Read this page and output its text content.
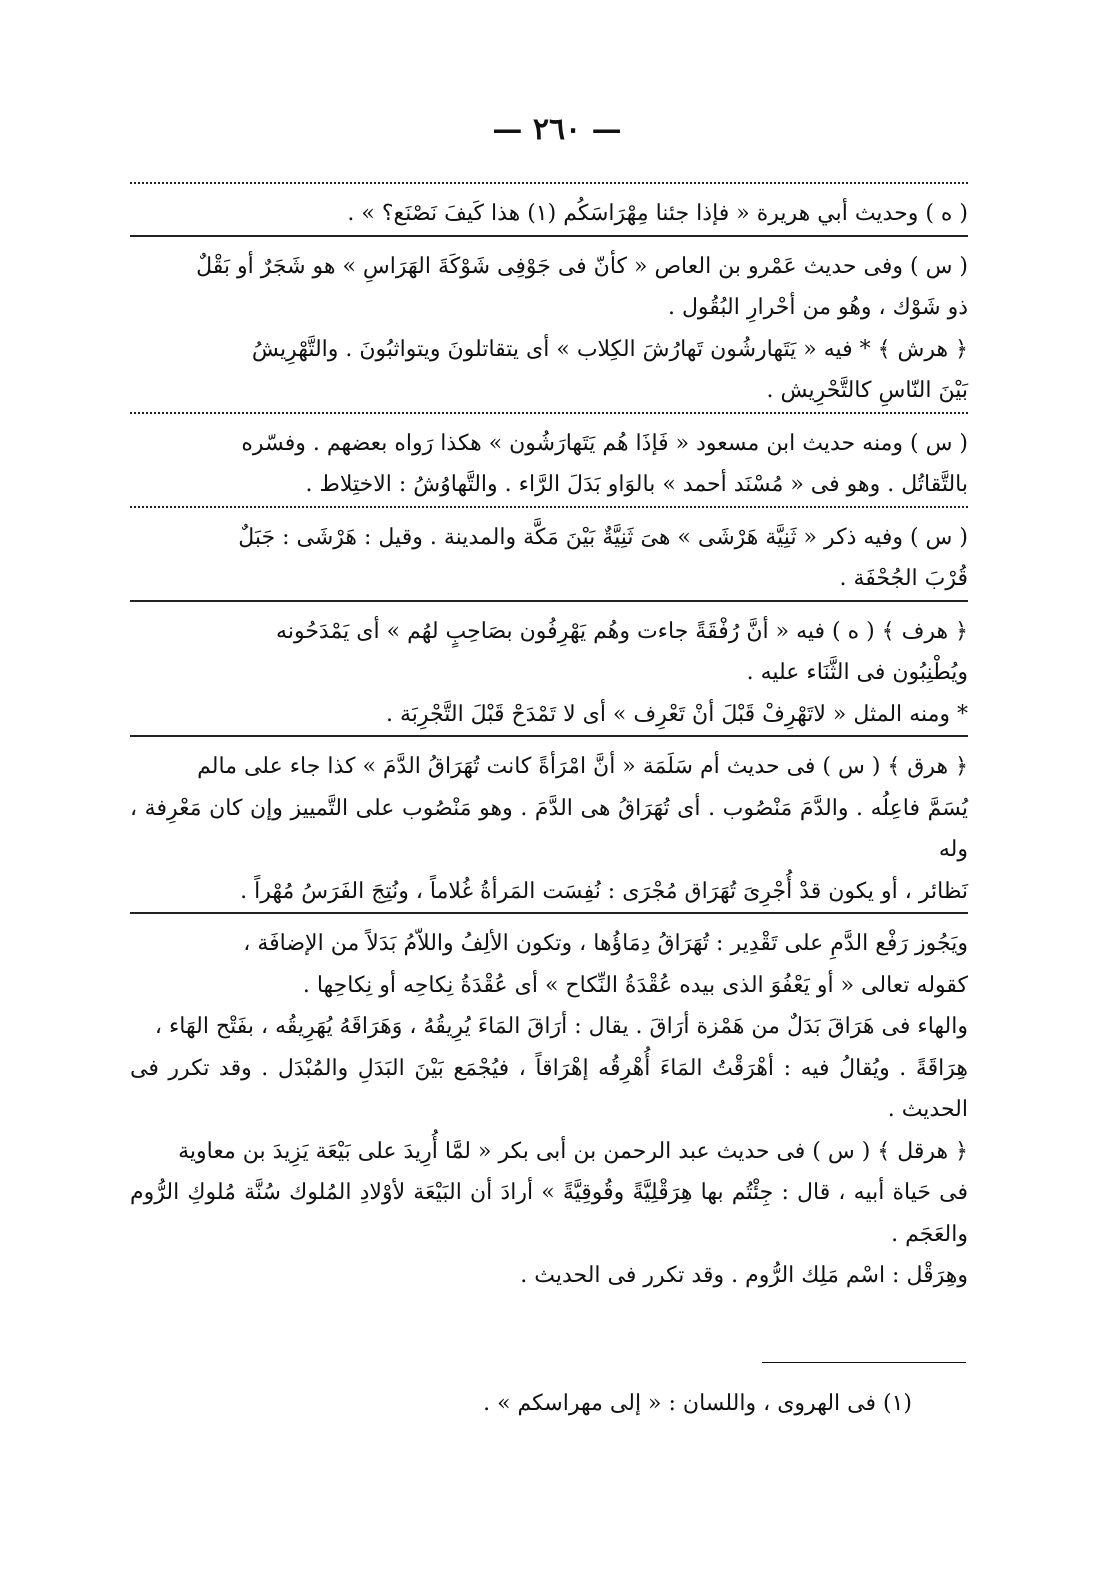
— ٢٦٠ —
( ه ) وحديث أبي هريرة « فإذا جئنا مِهْرَاسَكُم (١) هذا كَيفَ نَصْنَع؟ » .
( س ) وفى حديث عَمْرو بن العاص « كأنّ فى جَوْفِى شَوْكَةَ الهَرَاسِ » هو شَجَرٌ أو بَقْلٌ
ذو شَوْك ، وهُو من أحْرارِ البُقُول .
﴿ هرش ﴾ * فيه « يَتَهارشُون تَهارُشَ الكِلاب » أى يتقاتلونَ ويتواثبُونَ . والتَّهْرِيشُ
بَيْنَ النّاسِ كالتَّحْرِيش .
( س ) ومنه حديث ابن مسعود « فَإذَا هُم يَتَهارَشُون » هكذا رَواه بعضهم . وفسّره
بالتَّقاتُل . وهو فى « مُسْنَد أحمد » بالوَاو بَدَلَ الرَّاء . والتَّهاوُشُ : الاختِلاط .
( س ) وفيه ذكر « ثَنِيَّة هَرْشَى » هىَ ثَنِيَّةٌ بَيْنَ مَكَّة والمدينة . وقيل : هَرْشَى : جَبَلٌ
قُرْبَ الجُحْفَة .
﴿ هرف ﴾ ( ه ) فيه « أنَّ رُفْقَةً جاءت وهُم يَهْرِفُون بصَاحِبٍ لهُم » أى يَمْدَحُونه
ويُطْنِبُون فى الثَّنَاء عليه .
* ومنه المثل « لاتَهْرِفْ قَبْلَ أنْ تَعْرِف » أى لا تَمْدَحْ قَبْلَ التَّجْرِبَة .
﴿ هرق ﴾ ( س ) فى حديث أم سَلَمَة « أنَّ امْرَأةً كانت تُهَرَاقُ الدَّمَ » كذا جاء على مالم
يُسَمَّ فاعِلُه . والدَّمَ مَنْصُوب . أى تُهَرَاقُ هى الدَّمَ . وهو مَنْصُوب على التَّمييز وإن كان مَعْرِفة ، وله
نَظائر ، أو يكون قدْ أُجْرِىَ تُهَرَاق مُجْرَى : نُفِسَت المَرأةُ غُلاماً ، ونُتِجَ الفَرَسُ مُهْراً .
ويَجُوز رَفْع الدَّمِ على تَقْدِير : تُهَرَاقُ دِمَاؤُها ، وتكون الألِفُ واللاّمُ بَدَلاً من الإضافَة ،
كقوله تعالى « أو يَعْفُوَ الذى بيده عُقْدَةُ النِّكاح » أى عُقْدَةُ نِكاحِه أو نِكاحِها .
والهاء فى هَرَاقَ بَدَلٌ من هَمْزة أرَاقَ . يقال : أرَاقَ المَاءَ يُرِيقُهُ ، وَهَرَاقَهُ يُهَرِيقُه ، بفَتْح الهَاء ،
هِرَاقَةً . ويُقالُ فيه : أهْرَقْتُ المَاءَ أُهْرِقُه إهْرَاقاً ، فيُجْمَع بَيْنَ البَدَلِ والمُبْدَل . وقد تكرر فى الحديث .
﴿ هرقل ﴾ ( س ) فى حديث عبد الرحمن بن أبى بكر « لمَّا أُرِيدَ على بَيْعَة يَزِيدَ بن معاوية
فى حَياة أبيه ، قال : جِئْتُم بها هِرَقْلِيَّةً وقُوقِيَّةً » أرادَ أن البَيْعَة لأوْلادِ المُلوك سُنَّة مُلوكِ الرُّوم والعَجَم .
وهِرَقْل : اسْم مَلِك الرُّوم . وقد تكرر فى الحديث .
(١) فى الهروى ، واللسان : « إلى مهراسكم » .
